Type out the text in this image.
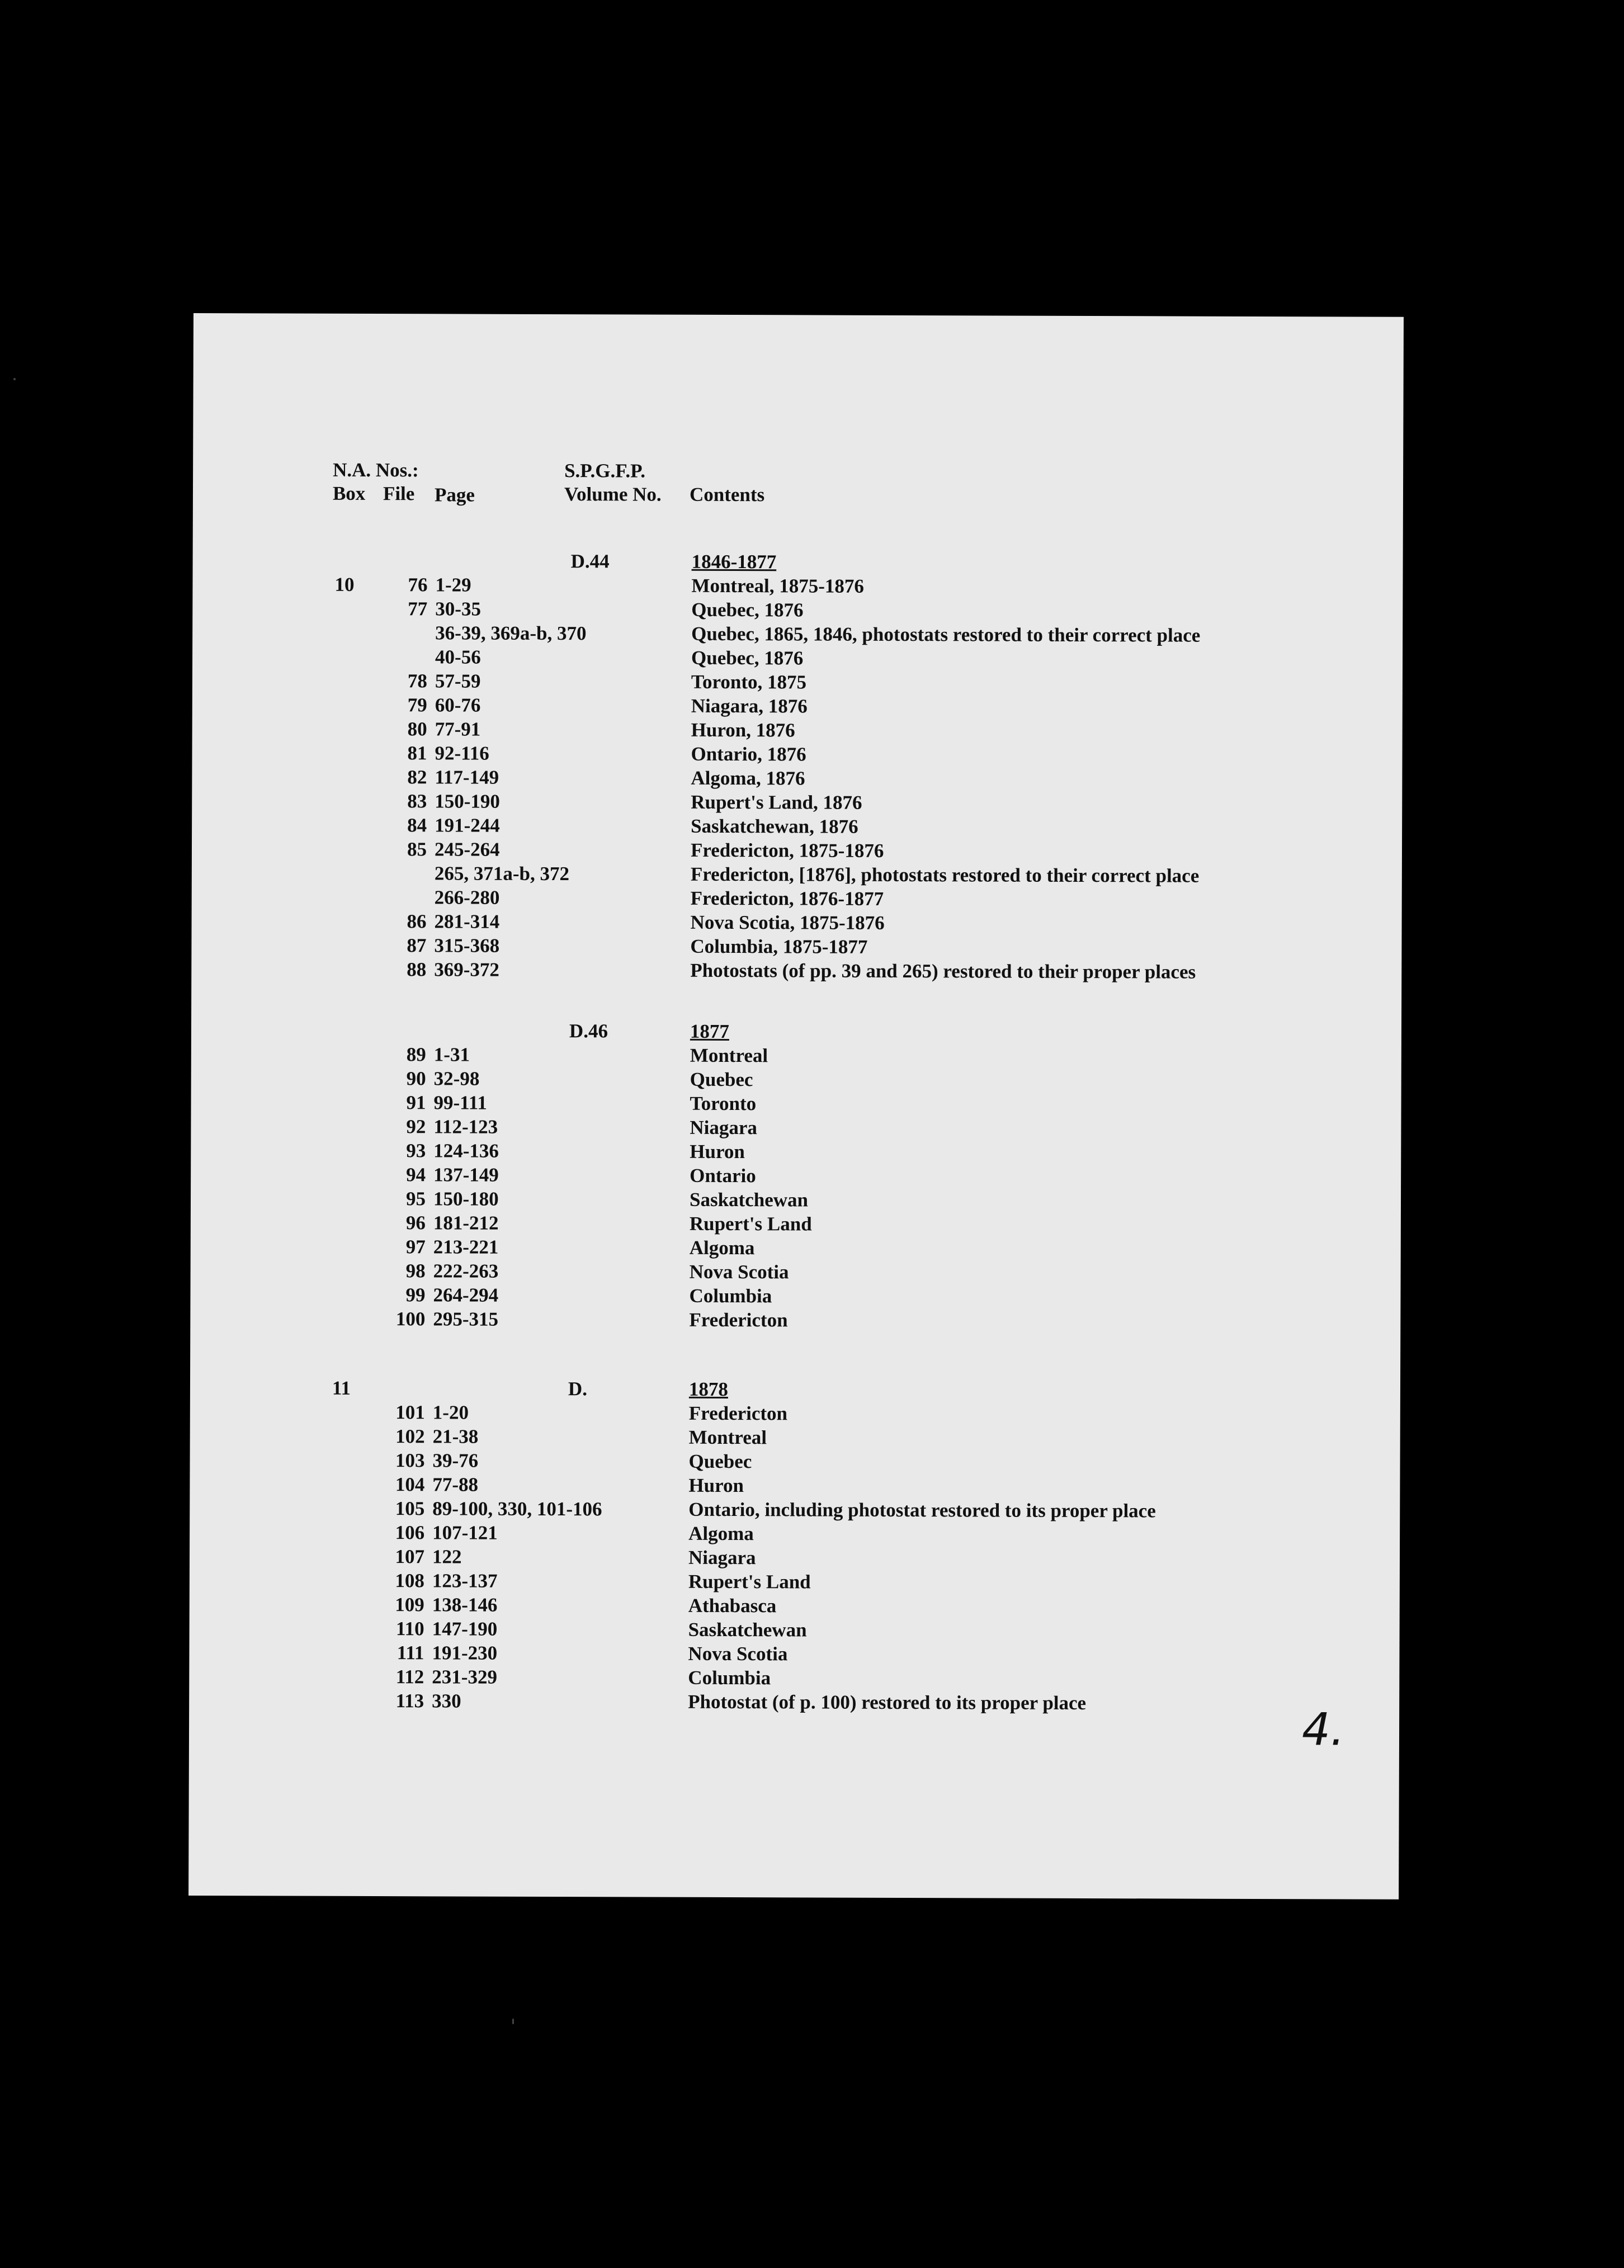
N.A. Nos.:	S.P.G.F.P.
Box File Page	Volume No. Contents
D.44	1846-1877
10	76 1-29	Montreal, 1875-1876
77 30-35	Quebec, 1876
36-39, 369a-b, 370	Quebec, 1865, 1846, photostats restored to their correct place
40-56	Quebec, 1876
78 57-59	Toronto, 1875
79 60-76	Niagara, 1876
80 77-91	Huron, 1876
81 92-116	Ontario, 1876
82 117-149	Algoma, 1876
83 150-190	Rupert's Land, 1876
84 191-244	Saskatchewan, 1876
85 245-264	Fredericton, 1875-1876
265, 371a-b, 372	Fredericton, [1876], photostats restored to their correct place
266-280	Fredericton, 1876-1877
86 281-314	Nova Scotia, 1875-1876
87 315-368	Columbia, 1875-1877
88 369-372	Photostats (of pp. 39 and 265) restored to their proper places
D.46	1877
89 1-31	Montreal
90 32-98	Quebec
91 99-111	Toronto
92 112-123	Niagara
93 124-136	Huron
94 137-149	Ontario
95 150-180	Saskatchewan
96 181-212	Rupert's Land
97 213-221	Algoma
98 222-263	Nova Scotia
99 264-294	Columbia
100 295-315	Fredericton
11	D.	1878
101 1-20	Fredericton
102 21-38	Montreal
103 39-76	Quebec
104 77-88	Huron
105 89-100, 330, 101-106	Ontario, including photostat restored to its proper place
106 107-121	Algoma
107 122	Niagara
108 123-137	Rupert's Land
109 138-146	Athabasca
110 147-190	Saskatchewan
111 191-230	Nova Scotia
112 231-329	Columbia
113 330	Photostat (of p. 100) restored to its proper place
4.
